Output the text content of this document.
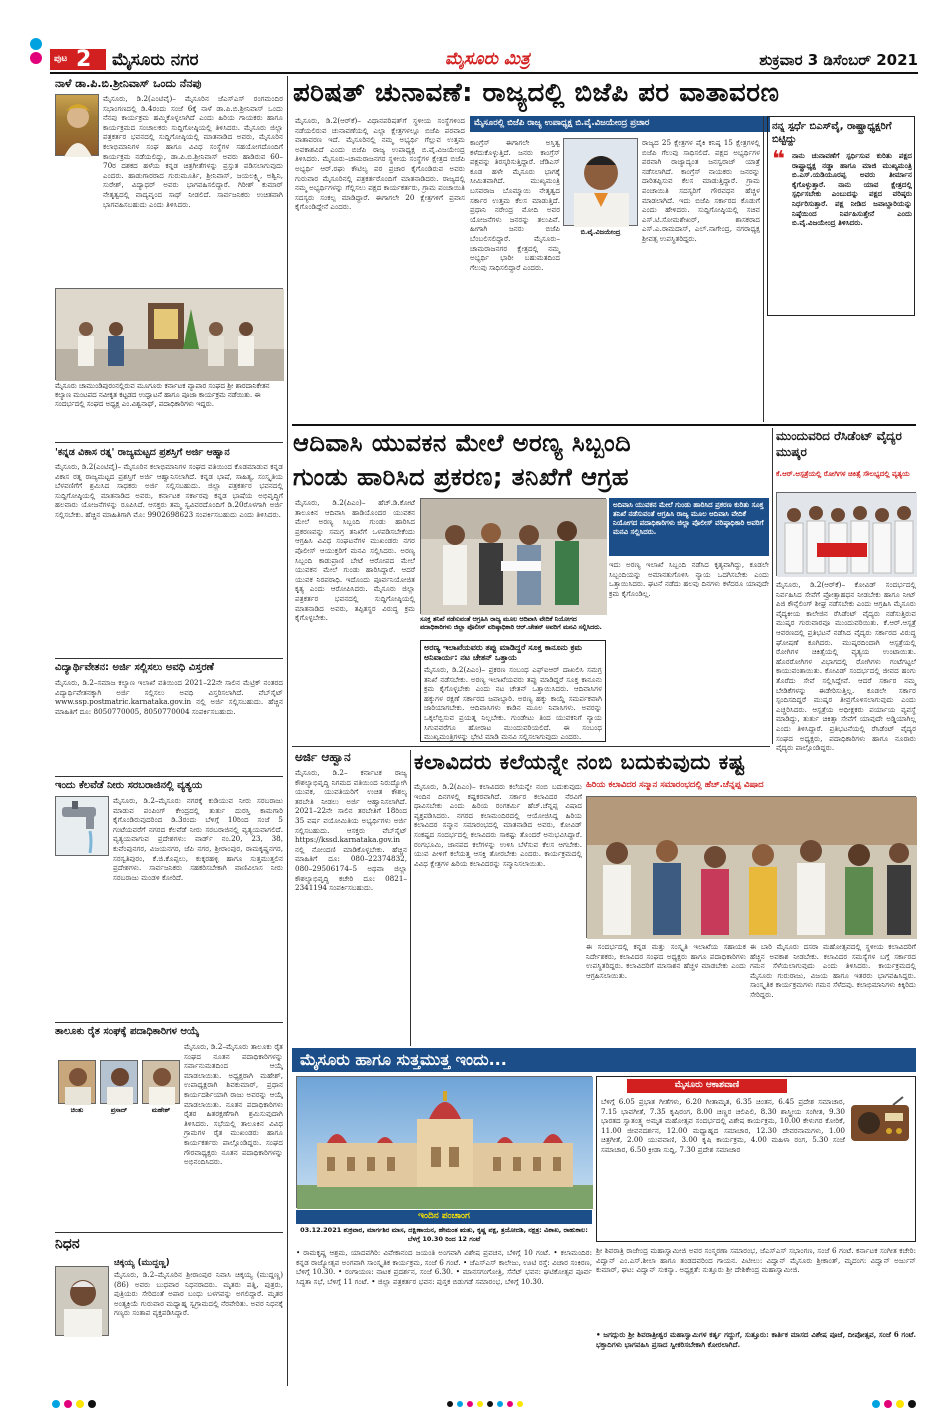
ಪುಟ 2 ಮೈಸೂರು ನಗರ	ಮೈಸೂರು ಮಿತ್ರ	ಶುಕ್ರವಾರ 3 ಡಿಸೆಂಬರ್ 2021
ನಾಳೆ ಡಾ.ಪಿ.ಬಿ.ಶ್ರೀನಿವಾಸ್ ಒಂದು ನೆನಪು
ಮೈಸೂರು, ಡಿ.2(ಎಂಟಿವೈ)– ಮೈಸೂರಿನ ಜೆಎಸ್‌ಎಸ್ ರಂಗಮಂದಿರ ಸಭಾಂಗಣದಲ್ಲಿ ಡಿ.4ರಂದು ಸಂಜೆ 6ಕ್ಕೆ ನಾಳೆ ಡಾ.ಪಿ.ಬಿ.ಶ್ರೀನಿವಾಸ್ ಒಂದು ನೆನಪು ಕಾರ್ಯಕ್ರಮ ಹಮ್ಮಿಕೊಳ್ಳಲಾಗಿದೆ ಎಂದು ಹಿರಿಯ ಗಾಯಕರು ಹಾಗೂ ಕಾರ್ಯಕ್ರಮದ ಸಂಚಾಲಕರು ಸುದ್ದಿಗೋಷ್ಠಿಯಲ್ಲಿ ತಿಳಿಸಿದರು. ಮೈಸೂರು ಜಿಲ್ಲಾ ಪತ್ರಕರ್ತರ ಭವನದಲ್ಲಿ ಸುದ್ದಿಗೋಷ್ಠಿಯಲ್ಲಿ ಮಾತನಾಡಿದ ಅವರು, ಮೈಸೂರಿನ ಕಲಾಭಿಮಾನಿಗಳ ಸಂಘ ಹಾಗೂ ವಿವಿಧ ಸಂಸ್ಥೆಗಳ ಸಹಯೋಗದೊಂದಿಗೆ ಕಾರ್ಯಕ್ರಮ ನಡೆಯಲಿದ್ದು, ಡಾ.ಪಿ.ಬಿ.ಶ್ರೀನಿವಾಸ್ ಅವರು ಹಾಡಿರುವ 60–70ರ ದಶಕದ ಹಳೆಯ ಕನ್ನಡ ಚಿತ್ರಗೀತೆಗಳನ್ನು ಪ್ರಸ್ತುತ ಪಡಿಸಲಾಗುವುದು ಎಂದರು. ಹಾಡುಗಾರರಾದ ಗುರುಮೂರ್ತಿ, ಶ್ರೀನಿವಾಸ್, ಜಯಲಕ್ಷ್ಮಿ, ಅಶ್ವಿನಿ, ಸುರೇಶ್, ವಿದ್ಯಾಧರ್ ಅವರು ಭಾಗವಹಿಸಲಿದ್ದಾರೆ. ಗಿರೀಶ್ ಕುಮಾರ್ ನೇತೃತ್ವದಲ್ಲಿ ವಾದ್ಯವೃಂದ ಸಾಥ್ ನೀಡಲಿದೆ. ಸಾರ್ವಜನಿಕರು ಉಚಿತವಾಗಿ ಭಾಗವಹಿಸಬಹುದು ಎಂದು ತಿಳಿಸಿದರು.
ಮೈಸೂರು ಚಾಮುಂಡಿಪುರಂನಲ್ಲಿರುವ ಮೂಗೂರು ಕರ್ನಾಟಕ ವ್ಯಾಪಾರ ಸಂಘದ ಶ್ರೀ ಶಾರದಾನಿಕೇತನ ಕಲ್ಯಾಣ ಮಂಟಪದ ನವೀಕೃತ ಕಟ್ಟಡದ ಉದ್ಘಾಟನೆ ಹಾಗೂ ಪೂಜಾ ಕಾರ್ಯಕ್ರಮ ನಡೆಯಿತು. ಈ ಸಂದರ್ಭದಲ್ಲಿ ಸಂಘದ ಅಧ್ಯಕ್ಷ ಎಂ.ವಿಶ್ವನಾಥ್, ಪದಾಧಿಕಾರಿಗಳು ಇದ್ದರು.
'ಕನ್ನಡ ವಿಕಾಸ ರತ್ನ' ರಾಜ್ಯಮಟ್ಟದ ಪ್ರಶಸ್ತಿಗೆ ಅರ್ಜಿ ಆಹ್ವಾನ
ಮೈಸೂರು, ಡಿ.2(ಎಂಟಿವೈ)– ಮೈಸೂರಿನ ಕಲಾಭಿಮಾನಿಗಳ ಸಂಘದ ವತಿಯಿಂದ ಕೊಡಮಾಡುವ ಕನ್ನಡ ವಿಕಾಸ ರತ್ನ ರಾಜ್ಯಮಟ್ಟದ ಪ್ರಶಸ್ತಿಗೆ ಅರ್ಜಿ ಆಹ್ವಾನಿಸಲಾಗಿದೆ. ಕನ್ನಡ ಭಾಷೆ, ಸಾಹಿತ್ಯ, ಸಂಸ್ಕೃತಿಯ ಬೆಳವಣಿಗೆಗೆ ಶ್ರಮಿಸಿದ ಸಾಧಕರು ಅರ್ಜಿ ಸಲ್ಲಿಸಬಹುದು. ಜಿಲ್ಲಾ ಪತ್ರಕರ್ತರ ಭವನದಲ್ಲಿ ಸುದ್ದಿಗೋಷ್ಠಿಯಲ್ಲಿ ಮಾತನಾಡಿದ ಅವರು, ಕರ್ನಾಟಕ ಸರ್ಕಾರವು ಕನ್ನಡ ಭಾಷೆಯ ಅಭಿವೃದ್ಧಿಗೆ ಹಲವಾರು ಯೋಜನೆಗಳನ್ನು ರೂಪಿಸಿದೆ. ಆಸಕ್ತರು ತಮ್ಮ ಸ್ವವಿವರದೊಂದಿಗೆ ಡಿ.20ರೊಳಗಾಗಿ ಅರ್ಜಿ ಸಲ್ಲಿಸಬೇಕು. ಹೆಚ್ಚಿನ ಮಾಹಿತಿಗಾಗಿ ಮೊ: 9902698623 ಸಂಪರ್ಕಿಸಬಹುದು ಎಂದು ತಿಳಿಸಿದರು.
ವಿದ್ಯಾರ್ಥಿವೇತನ: ಅರ್ಜಿ ಸಲ್ಲಿಸಲು ಅವಧಿ ವಿಸ್ತರಣೆ
ಮೈಸೂರು, ಡಿ.2–ಸಮಾಜ ಕಲ್ಯಾಣ ಇಲಾಖೆ ವತಿಯಿಂದ 2021–22ನೇ ಸಾಲಿನ ಮೆಟ್ರಿಕ್ ನಂತರದ ವಿದ್ಯಾರ್ಥಿವೇತನಕ್ಕಾಗಿ ಅರ್ಜಿ ಸಲ್ಲಿಸಲು ಅವಧಿ ವಿಸ್ತರಿಸಲಾಗಿದೆ. ವೆಬ್‌ಸೈಟ್ www.ssp.postmatric.karnataka.gov.in ನಲ್ಲಿ ಅರ್ಜಿ ಸಲ್ಲಿಸಬಹುದು. ಹೆಚ್ಚಿನ ಮಾಹಿತಿಗೆ ದೂ: 8050770005, 8050770004 ಸಂಪರ್ಕಿಸಬಹುದು.
ಇಂದು ಕೆಲವೆಡೆ ನೀರು ಸರಬರಾಜಿನಲ್ಲಿ ವ್ಯತ್ಯಯ
ಮೈಸೂರು, ಡಿ.2–ಮೈಸೂರು ನಗರಕ್ಕೆ ಕುಡಿಯುವ ನೀರು ಸರಬರಾಜು ಮಾಡುವ ಪಂಪಿಂಗ್ ಕೇಂದ್ರದಲ್ಲಿ ತುರ್ತು ದುರಸ್ತಿ ಕಾಮಗಾರಿ ಕೈಗೊಂಡಿರುವುದರಿಂದ ಡಿ.3ರಂದು ಬೆಳಿಗ್ಗೆ 10ರಿಂದ ಸಂಜೆ 5 ಗಂಟೆಯವರೆಗೆ ನಗರದ ಕೆಲವೆಡೆ ನೀರು ಸರಬರಾಜಿನಲ್ಲಿ ವ್ಯತ್ಯಯವಾಗಲಿದೆ. ವ್ಯತ್ಯಯವಾಗುವ ಪ್ರದೇಶಗಳು: ವಾರ್ಡ್ ನಂ.20, 23, 38, ಕುವೆಂಪುನಗರ, ವಿಜಯನಗರ, ಜೆಪಿ ನಗರ, ಶ್ರೀರಾಂಪುರ, ರಾಮಕೃಷ್ಣನಗರ, ಸರಸ್ವತಿಪುರಂ, ಕೆ.ಜಿ.ಕೊಪ್ಪಲು, ಕುಕ್ಕರಹಳ್ಳಿ ಹಾಗೂ ಸುತ್ತಮುತ್ತಲಿನ ಪ್ರದೇಶಗಳು. ಸಾರ್ವಜನಿಕರು ಸಹಕರಿಸಬೇಕಾಗಿ ವಾಣಿವಿಲಾಸ ನೀರು ಸರಬರಾಜು ಮಂಡಳಿ ಕೋರಿದೆ.
ತಾಲೂಕು ರೈತ ಸಂಘಕ್ಕೆ ಪದಾಧಿಕಾರಿಗಳ ಆಯ್ಕೆ
ಚಿಂತು	ಪ್ರಸಾದ್	ಮಹೇಶ್
ಮೈಸೂರು, ಡಿ.2–ಮೈಸೂರು ತಾಲೂಕು ರೈತ ಸಂಘದ ನೂತನ ಪದಾಧಿಕಾರಿಗಳನ್ನು ಸರ್ವಾನುಮತದಿಂದ ಆಯ್ಕೆ ಮಾಡಲಾಯಿತು. ಅಧ್ಯಕ್ಷರಾಗಿ ಮಹೇಶ್, ಉಪಾಧ್ಯಕ್ಷರಾಗಿ ಶಿವಕುಮಾರ್, ಪ್ರಧಾನ ಕಾರ್ಯದರ್ಶಿಯಾಗಿ ರಾಜು ಅವರನ್ನು ಆಯ್ಕೆ ಮಾಡಲಾಯಿತು. ನೂತನ ಪದಾಧಿಕಾರಿಗಳು ರೈತರ ಹಿತರಕ್ಷಣೆಗಾಗಿ ಶ್ರಮಿಸುವುದಾಗಿ ತಿಳಿಸಿದರು. ಸಭೆಯಲ್ಲಿ ತಾಲೂಕಿನ ವಿವಿಧ ಗ್ರಾಮಗಳ ರೈತ ಮುಖಂಡರು ಹಾಗೂ ಕಾರ್ಯಕರ್ತರು ಪಾಲ್ಗೊಂಡಿದ್ದರು. ಸಂಘದ ಗೌರವಾಧ್ಯಕ್ಷರು ನೂತನ ಪದಾಧಿಕಾರಿಗಳನ್ನು ಅಭಿನಂದಿಸಿದರು.
ನಿಧನ
ಚಿಕ್ಕಯ್ಯ (ಮುದ್ದಣ್ಣ)
ಮೈಸೂರು, ಡಿ.2–ಮೈಸೂರಿನ ಶ್ರೀರಾಂಪುರ ನಿವಾಸಿ ಚಿಕ್ಕಯ್ಯ (ಮುದ್ದಣ್ಣ) (86) ಅವರು ಬುಧವಾರ ನಿಧನರಾದರು. ಮೃತರು ಪತ್ನಿ, ಪುತ್ರರು, ಪುತ್ರಿಯರು ಸೇರಿದಂತೆ ಅಪಾರ ಬಂಧು ಬಳಗವನ್ನು ಅಗಲಿದ್ದಾರೆ. ಮೃತರ ಅಂತ್ಯಕ್ರಿಯೆ ಗುರುವಾರ ಮಧ್ಯಾಹ್ನ ಸ್ವಗ್ರಾಮದಲ್ಲಿ ನೆರವೇರಿತು. ಅವರ ನಿಧನಕ್ಕೆ ಗಣ್ಯರು ಸಂತಾಪ ವ್ಯಕ್ತಪಡಿಸಿದ್ದಾರೆ.
ಪರಿಷತ್ ಚುನಾವಣೆ: ರಾಜ್ಯದಲ್ಲಿ ಬಿಜೆಪಿ ಪರ ವಾತಾವರಣ
ಮೈಸೂರಲ್ಲಿ ಬಿಜೆಪಿ ರಾಜ್ಯ ಉಪಾಧ್ಯಕ್ಷ ಬಿ.ವೈ.ವಿಜಯೇಂದ್ರ ಪ್ರಚಾರ
ಮೈಸೂರು, ಡಿ.2(ಆರ್‌ಕೆ)– ವಿಧಾನಪರಿಷತ್‌ಗೆ ಸ್ಥಳೀಯ ಸಂಸ್ಥೆಗಳಿಂದ ನಡೆಯಲಿರುವ ಚುನಾವಣೆಯಲ್ಲಿ ಎಲ್ಲಾ ಕ್ಷೇತ್ರಗಳಲ್ಲೂ ಬಿಜೆಪಿ ಪರವಾದ ವಾತಾವರಣ ಇದೆ. ಮೈಸೂರಿನಲ್ಲಿ ನಮ್ಮ ಅಭ್ಯರ್ಥಿ ಗೆಲ್ಲುವ ಉತ್ತಮ ಅವಕಾಶವಿದೆ ಎಂದು ಬಿಜೆಪಿ ರಾಜ್ಯ ಉಪಾಧ್ಯಕ್ಷ ಬಿ.ವೈ.ವಿಜಯೇಂದ್ರ ತಿಳಿಸಿದರು. ಮೈಸೂರು–ಚಾಮರಾಜನಗರ ಸ್ಥಳೀಯ ಸಂಸ್ಥೆಗಳ ಕ್ಷೇತ್ರದ ಬಿಜೆಪಿ ಅಭ್ಯರ್ಥಿ ಆರ್.ರಘು ಕೌಟಿಲ್ಯ ಪರ ಪ್ರಚಾರ ಕೈಗೊಂಡಿರುವ ಅವರು ಗುರುವಾರ ಮೈಸೂರಿನಲ್ಲಿ ಪತ್ರಕರ್ತರೊಂದಿಗೆ ಮಾತನಾಡಿದರು. ರಾಜ್ಯದಲ್ಲಿ ನಮ್ಮ ಅಭ್ಯರ್ಥಿಗಳನ್ನು ಗೆಲ್ಲಿಸಲು ಪಕ್ಷದ ಕಾರ್ಯಕರ್ತರು, ಗ್ರಾಮ ಪಂಚಾಯಿತಿ ಸದಸ್ಯರು ಸಂಕಲ್ಪ ಮಾಡಿದ್ದಾರೆ. ಈಗಾಗಲೇ 20 ಕ್ಷೇತ್ರಗಳಿಗೆ ಪ್ರವಾಸ ಕೈಗೊಂಡಿದ್ದೇನೆ ಎಂದರು.
ಕಾಂಗ್ರೆಸ್ ಈಗಾಗಲೇ ಅಸ್ತಿತ್ವ ಕಳೆದುಕೊಳ್ಳುತ್ತಿದೆ. ಜನರು ಕಾಂಗ್ರೆಸ್ ಪಕ್ಷವನ್ನು ತಿರಸ್ಕರಿಸುತ್ತಿದ್ದಾರೆ. ಜೆಡಿಎಸ್ ಕೂಡ ಹಳೇ ಮೈಸೂರು ಭಾಗಕ್ಕೆ ಸೀಮಿತವಾಗಿದೆ. ಮುಖ್ಯಮಂತ್ರಿ ಬಸವರಾಜ ಬೊಮ್ಮಾಯಿ ನೇತೃತ್ವದ ಸರ್ಕಾರ ಉತ್ತಮ ಕೆಲಸ ಮಾಡುತ್ತಿದೆ. ಪ್ರಧಾನಿ ನರೇಂದ್ರ ಮೋದಿ ಅವರ ಯೋಜನೆಗಳು ಜನರನ್ನು ತಲುಪಿವೆ. ಹೀಗಾಗಿ ಜನರು ಬಿಜೆಪಿ ಬೆಂಬಲಿಸಲಿದ್ದಾರೆ. ಮೈಸೂರು–ಚಾಮರಾಜನಗರ ಕ್ಷೇತ್ರದಲ್ಲಿ ನಮ್ಮ ಅಭ್ಯರ್ಥಿ ಭಾರೀ ಬಹುಮತದಿಂದ ಗೆಲುವು ಸಾಧಿಸಲಿದ್ದಾರೆ ಎಂದರು.
ಬಿ.ವೈ.ವಿಜಯೇಂದ್ರ
ರಾಜ್ಯದ 25 ಕ್ಷೇತ್ರಗಳ ಪೈಕಿ ಕನಿಷ್ಠ 15 ಕ್ಷೇತ್ರಗಳಲ್ಲಿ ಬಿಜೆಪಿ ಗೆಲುವು ಸಾಧಿಸಲಿದೆ. ಪಕ್ಷದ ಅಭ್ಯರ್ಥಿಗಳ ಪರವಾಗಿ ರಾಜ್ಯಾದ್ಯಂತ ಜನಸ್ವರಾಜ್ ಯಾತ್ರೆ ನಡೆಸಲಾಗಿದೆ. ಕಾಂಗ್ರೆಸ್ ನಾಯಕರು ಜನರನ್ನು ದಾರಿತಪ್ಪಿಸುವ ಕೆಲಸ ಮಾಡುತ್ತಿದ್ದಾರೆ. ಗ್ರಾಮ ಪಂಚಾಯಿತಿ ಸದಸ್ಯರಿಗೆ ಗೌರವಧನ ಹೆಚ್ಚಳ ಮಾಡಲಾಗಿದೆ. ಇದು ಬಿಜೆಪಿ ಸರ್ಕಾರದ ಕೊಡುಗೆ ಎಂದು ಹೇಳಿದರು. ಸುದ್ದಿಗೋಷ್ಠಿಯಲ್ಲಿ ಸಚಿವ ಎಸ್.ಟಿ.ಸೋಮಶೇಖರ್, ಶಾಸಕರಾದ ಎಸ್.ಎ.ರಾಮದಾಸ್, ಎಲ್.ನಾಗೇಂದ್ರ, ನಗರಾಧ್ಯಕ್ಷ ಶ್ರೀವತ್ಸ ಉಪಸ್ಥಿತರಿದ್ದರು.
ನನ್ನ ಸ್ಪರ್ಧೆ ಬಿಎಸ್‌ವೈ, ರಾಷ್ಟ್ರಾಧ್ಯಕ್ಷರಿಗೆ ಬಿಟ್ಟಿದ್ದು
❝ ನಾನು ಚುನಾವಣೆಗೆ ಸ್ಪರ್ಧಿಸುವ ಕುರಿತು ಪಕ್ಷದ ರಾಷ್ಟ್ರಾಧ್ಯಕ್ಷ ನಡ್ಡಾ ಹಾಗೂ ಮಾಜಿ ಮುಖ್ಯಮಂತ್ರಿ ಬಿ.ಎಸ್.ಯಡಿಯೂರಪ್ಪ ಅವರು ತೀರ್ಮಾನ ಕೈಗೊಳ್ಳುತ್ತಾರೆ. ನಾನು ಯಾವ ಕ್ಷೇತ್ರದಲ್ಲಿ ಸ್ಪರ್ಧಿಸಬೇಕು ಎಂಬುದನ್ನು ಪಕ್ಷದ ವರಿಷ್ಠರು ನಿರ್ಧರಿಸುತ್ತಾರೆ. ಪಕ್ಷ ನೀಡಿದ ಜವಾಬ್ದಾರಿಯನ್ನು ನಿಷ್ಠೆಯಿಂದ ನಿರ್ವಹಿಸುತ್ತೇನೆ ಎಂದು ಬಿ.ವೈ.ವಿಜಯೇಂದ್ರ ತಿಳಿಸಿದರು.
ಆದಿವಾಸಿ ಯುವಕನ ಮೇಲೆ ಅರಣ್ಯ ಸಿಬ್ಬಂದಿ
ಗುಂಡು ಹಾರಿಸಿದ ಪ್ರಕರಣ; ತನಿಖೆಗೆ ಆಗ್ರಹ
ಮೈಸೂರು, ಡಿ.2(ಪಿಎಂ)– ಹೆಚ್.ಡಿ.ಕೋಟೆ ತಾಲೂಕಿನ ಆದಿವಾಸಿ ಹಾಡಿಯೊಂದರ ಯುವಕನ ಮೇಲೆ ಅರಣ್ಯ ಸಿಬ್ಬಂದಿ ಗುಂಡು ಹಾರಿಸಿದ ಪ್ರಕರಣವನ್ನು ಸಮಗ್ರ ತನಿಖೆಗೆ ಒಳಪಡಿಸಬೇಕೆಂದು ಆಗ್ರಹಿಸಿ ವಿವಿಧ ಸಂಘಟನೆಗಳ ಮುಖಂಡರು ನಗರ ಪೊಲೀಸ್ ಆಯುಕ್ತರಿಗೆ ಮನವಿ ಸಲ್ಲಿಸಿದರು. ಅರಣ್ಯ ಸಿಬ್ಬಂದಿ ಕಾಡುಪ್ರಾಣಿ ಬೇಟೆ ಆರೋಪದ ಮೇಲೆ ಯುವಕನ ಮೇಲೆ ಗುಂಡು ಹಾರಿಸಿದ್ದಾರೆ. ಆದರೆ ಯುವಕ ನಿರಪರಾಧಿ. ಇದೊಂದು ಪೂರ್ವನಿಯೋಜಿತ ಕೃತ್ಯ ಎಂದು ಆರೋಪಿಸಿದರು. ಮೈಸೂರು ಜಿಲ್ಲಾ ಪತ್ರಕರ್ತರ ಭವನದಲ್ಲಿ ಸುದ್ದಿಗೋಷ್ಠಿಯಲ್ಲಿ ಮಾತನಾಡಿದ ಅವರು, ತಪ್ಪಿತಸ್ಥರ ವಿರುದ್ಧ ಕ್ರಮ ಕೈಗೊಳ್ಳಬೇಕು.	ಸೂಕ್ತ ತನಿಖೆ ನಡೆಸುವಂತೆ ಆಗ್ರಹಿಸಿ ರಾಜ್ಯ ಮೂಲ ಆದಿವಾಸಿ ವೇದಿಕೆ ನಿಯೋಗದ ಪದಾಧಿಕಾರಿಗಳು ಜಿಲ್ಲಾ ಪೊಲೀಸ್ ವರಿಷ್ಠಾಧಿಕಾರಿ ಆರ್.ಚೇತನ್ ಅವರಿಗೆ ಮನವಿ ಸಲ್ಲಿಸಿದರು.
ಅದಿವಾಸಿ ಯುವಕನ ಮೇಲೆ ಗುಂಡು ಹಾರಿಸಿದ ಪ್ರಕರಣ ಕುರಿತು ಸೂಕ್ತ ತನಿಖೆ ನಡೆಸುವಂತೆ ಆಗ್ರಹಿಸಿ ರಾಜ್ಯ ಮೂಲ ಆದಿವಾಸಿ ವೇದಿಕೆ ನಿಯೋಗದ ಪದಾಧಿಕಾರಿಗಳು ಜಿಲ್ಲಾ ಪೊಲೀಸ್ ವರಿಷ್ಠಾಧಿಕಾರಿ ಅವರಿಗೆ ಮನವಿ ಸಲ್ಲಿಸಿದರು.
ಇದು ಅರಣ್ಯ ಇಲಾಖೆ ಸಿಬ್ಬಂದಿ ನಡೆಸಿದ ಕೃತ್ಯವಾಗಿದ್ದು, ಕೂಡಲೇ ಸಿಬ್ಬಂದಿಯನ್ನು ಅಮಾನತುಗೊಳಿಸಿ ನ್ಯಾಯ ಒದಗಿಸಬೇಕು ಎಂದು ಒತ್ತಾಯಿಸಿದರು. ಘಟನೆ ನಡೆದು ಹಲವು ದಿನಗಳು ಕಳೆದರೂ ಯಾವುದೇ ಕ್ರಮ ಕೈಗೊಂಡಿಲ್ಲ.
ಅರಣ್ಯ ಇಲಾಖೆಯವರು ತಪ್ಪು ಮಾಡಿದ್ದರೆ ಸೂಕ್ತ ಕಾನೂನು ಕ್ರಮ ಅನಿವಾರ್ಯ: ನಟ ಚೇತನ್ ಒತ್ತಾಯ
ಮೈಸೂರು, ಡಿ.2(ಪಿಎಂ)– ಪ್ರಕರಣ ಸಂಬಂಧ ಎಫ್‌ಐಆರ್ ದಾಖಲಿಸಿ ಸಮಗ್ರ ತನಿಖೆ ನಡೆಸಬೇಕು. ಅರಣ್ಯ ಇಲಾಖೆಯವರು ತಪ್ಪು ಮಾಡಿದ್ದರೆ ಸೂಕ್ತ ಕಾನೂನು ಕ್ರಮ ಕೈಗೊಳ್ಳಬೇಕು ಎಂದು ನಟ ಚೇತನ್ ಒತ್ತಾಯಿಸಿದರು. ಆದಿವಾಸಿಗಳ ಹಕ್ಕುಗಳ ರಕ್ಷಣೆ ಸರ್ಕಾರದ ಜವಾಬ್ದಾರಿ. ಅರಣ್ಯ ಹಕ್ಕು ಕಾಯ್ದೆ ಸಮರ್ಪಕವಾಗಿ ಜಾರಿಯಾಗಬೇಕು. ಆದಿವಾಸಿಗಳು ಕಾಡಿನ ಮೂಲ ನಿವಾಸಿಗಳು. ಅವರನ್ನು ಒಕ್ಕಲೆಬ್ಬಿಸುವ ಪ್ರಯತ್ನ ನಿಲ್ಲಬೇಕು. ಗುಂಡೇಟು ತಿಂದ ಯುವಕನಿಗೆ ನ್ಯಾಯ ಸಿಗುವವರೆಗೂ ಹೋರಾಟ ಮುಂದುವರಿಯಲಿದೆ. ಈ ಸಂಬಂಧ ಮುಖ್ಯಮಂತ್ರಿಗಳನ್ನು ಭೇಟಿ ಮಾಡಿ ಮನವಿ ಸಲ್ಲಿಸಲಾಗುವುದು ಎಂದರು.
ಮುಂದುವರಿದ ರೆಸಿಡೆಂಟ್ ವೈದ್ಯರ ಮುಷ್ಕರ
ಕೆ.ಆರ್.ಆಸ್ಪತ್ರೆಯಲ್ಲಿ ರೋಗಿಗಳ ಚಿಕಿತ್ಸೆ ಸೌಲಭ್ಯದಲ್ಲಿ ವ್ಯತ್ಯಯ
ಮೈಸೂರು, ಡಿ.2(ಆರ್‌ಕೆ)– ಕೋವಿಡ್ ಸಂದರ್ಭದಲ್ಲಿ ನಿರ್ವಹಿಸಿದ ಸೇವೆಗೆ ಪ್ರೋತ್ಸಾಹಧನ ನೀಡಬೇಕು ಹಾಗೂ ನೀಟ್ ಪಿಜಿ ಕೌನ್ಸೆಲಿಂಗ್ ಶೀಘ್ರ ನಡೆಸಬೇಕು ಎಂದು ಆಗ್ರಹಿಸಿ ಮೈಸೂರು ವೈದ್ಯಕೀಯ ಕಾಲೇಜಿನ ರೆಸಿಡೆಂಟ್ ವೈದ್ಯರು ನಡೆಸುತ್ತಿರುವ ಮುಷ್ಕರ ಗುರುವಾರವೂ ಮುಂದುವರಿಯಿತು. ಕೆ.ಆರ್.ಆಸ್ಪತ್ರೆ ಆವರಣದಲ್ಲಿ ಪ್ರತಿಭಟನೆ ನಡೆಸಿದ ವೈದ್ಯರು ಸರ್ಕಾರದ ವಿರುದ್ಧ ಘೋಷಣೆ ಕೂಗಿದರು. ಮುಷ್ಕರದಿಂದಾಗಿ ಆಸ್ಪತ್ರೆಯಲ್ಲಿ ರೋಗಿಗಳ ಚಿಕಿತ್ಸೆಯಲ್ಲಿ ವ್ಯತ್ಯಯ ಉಂಟಾಯಿತು. ಹೊರರೋಗಿಗಳ ವಿಭಾಗದಲ್ಲಿ ರೋಗಿಗಳು ಗಂಟೆಗಟ್ಟಲೆ ಕಾಯುವಂತಾಯಿತು. ಕೋವಿಡ್ ಸಂದರ್ಭದಲ್ಲಿ ಜೀವದ ಹಂಗು ತೊರೆದು ಸೇವೆ ಸಲ್ಲಿಸಿದ್ದೇವೆ. ಆದರೆ ಸರ್ಕಾರ ನಮ್ಮ ಬೇಡಿಕೆಗಳನ್ನು ಈಡೇರಿಸುತ್ತಿಲ್ಲ. ಕೂಡಲೇ ಸರ್ಕಾರ ಸ್ಪಂದಿಸದಿದ್ದರೆ ಮುಷ್ಕರ ತೀವ್ರಗೊಳಿಸಲಾಗುವುದು ಎಂದು ಎಚ್ಚರಿಸಿದರು. ಆಸ್ಪತ್ರೆಯ ಅಧೀಕ್ಷಕರು ಪರ್ಯಾಯ ವ್ಯವಸ್ಥೆ ಮಾಡಿದ್ದು, ತುರ್ತು ಚಿಕಿತ್ಸಾ ಸೇವೆಗೆ ಯಾವುದೇ ಅಡ್ಡಿಯಾಗಿಲ್ಲ ಎಂದು ತಿಳಿಸಿದ್ದಾರೆ. ಪ್ರತಿಭಟನೆಯಲ್ಲಿ ರೆಸಿಡೆಂಟ್ ವೈದ್ಯರ ಸಂಘದ ಅಧ್ಯಕ್ಷರು, ಪದಾಧಿಕಾರಿಗಳು ಹಾಗೂ ನೂರಾರು ವೈದ್ಯರು ಪಾಲ್ಗೊಂಡಿದ್ದರು.
ಅರ್ಜಿ ಆಹ್ವಾನ
ಮೈಸೂರು, ಡಿ.2– ಕರ್ನಾಟಕ ರಾಜ್ಯ ಕೌಶಲ್ಯಾಭಿವೃದ್ಧಿ ನಿಗಮದ ವತಿಯಿಂದ ನಿರುದ್ಯೋಗಿ ಯುವಕ, ಯುವತಿಯರಿಗೆ ಉಚಿತ ಕೌಶಲ್ಯ ತರಬೇತಿ ನೀಡಲು ಅರ್ಜಿ ಆಹ್ವಾನಿಸಲಾಗಿದೆ. 2021–22ನೇ ಸಾಲಿನ ತರಬೇತಿಗೆ 18ರಿಂದ 35 ವರ್ಷ ವಯೋಮಿತಿಯ ಅಭ್ಯರ್ಥಿಗಳು ಅರ್ಜಿ ಸಲ್ಲಿಸಬಹುದು. ಆಸಕ್ತರು ವೆಬ್‌ಸೈಟ್ https://kssd.karnataka.gov.in ನಲ್ಲಿ ನೋಂದಣಿ ಮಾಡಿಕೊಳ್ಳಬೇಕು. ಹೆಚ್ಚಿನ ಮಾಹಿತಿಗೆ ದೂ: 080–22374832, 080–29506174–5 ಅಥವಾ ಜಿಲ್ಲಾ ಕೌಶಲ್ಯಾಭಿವೃದ್ಧಿ ಕಚೇರಿ ದೂ: 0821–2341194 ಸಂಪರ್ಕಿಸಬಹುದು.
ಕಲಾವಿದರು ಕಲೆಯನ್ನೇ ನಂಬಿ ಬದುಕುವುದು ಕಷ್ಟ
ಹಿರಿಯ ಕಲಾವಿದರ ಸನ್ಮಾನ ಸಮಾರಂಭದಲ್ಲಿ ಹೆಚ್.ಚೆನ್ನಪ್ಪ ವಿಷಾದ
ಮೈಸೂರು, ಡಿ.2(ಪಿಎಂ)– ಕಲಾವಿದರು ಕಲೆಯನ್ನೇ ನಂಬಿ ಬದುಕುವುದು ಇಂದಿನ ದಿನಗಳಲ್ಲಿ ಕಷ್ಟಕರವಾಗಿದೆ. ಸರ್ಕಾರ ಕಲಾವಿದರ ನೆರವಿಗೆ ಧಾವಿಸಬೇಕು ಎಂದು ಹಿರಿಯ ರಂಗಕರ್ಮಿ ಹೆಚ್.ಚೆನ್ನಪ್ಪ ವಿಷಾದ ವ್ಯಕ್ತಪಡಿಸಿದರು. ನಗರದ ಕಲಾಮಂದಿರದಲ್ಲಿ ಆಯೋಜಿಸಿದ್ದ ಹಿರಿಯ ಕಲಾವಿದರ ಸನ್ಮಾನ ಸಮಾರಂಭದಲ್ಲಿ ಮಾತನಾಡಿದ ಅವರು, ಕೋವಿಡ್ ಸಂಕಷ್ಟದ ಸಂದರ್ಭದಲ್ಲಿ ಕಲಾವಿದರು ಸಾಕಷ್ಟು ತೊಂದರೆ ಅನುಭವಿಸಿದ್ದಾರೆ. ರಂಗಭೂಮಿ, ಜಾನಪದ ಕಲೆಗಳನ್ನು ಉಳಿಸಿ ಬೆಳೆಸುವ ಕೆಲಸ ಆಗಬೇಕು. ಯುವ ಪೀಳಿಗೆ ಕಲೆಯತ್ತ ಆಸಕ್ತಿ ತೋರಬೇಕು ಎಂದರು. ಕಾರ್ಯಕ್ರಮದಲ್ಲಿ ವಿವಿಧ ಕ್ಷೇತ್ರಗಳ ಹಿರಿಯ ಕಲಾವಿದರನ್ನು ಸನ್ಮಾನಿಸಲಾಯಿತು.
ಈ ಸಂದರ್ಭದಲ್ಲಿ ಕನ್ನಡ ಮತ್ತು ಸಂಸ್ಕೃತಿ ಇಲಾಖೆಯ ಸಹಾಯಕ ನಿರ್ದೇಶಕರು, ಕಲಾವಿದರ ಸಂಘದ ಅಧ್ಯಕ್ಷರು ಹಾಗೂ ಪದಾಧಿಕಾರಿಗಳು ಉಪಸ್ಥಿತರಿದ್ದರು. ಕಲಾವಿದರಿಗೆ ಮಾಸಾಶನ ಹೆಚ್ಚಳ ಮಾಡಬೇಕು ಎಂದು ಆಗ್ರಹಿಸಲಾಯಿತು.
ಈ ಬಾರಿ ಮೈಸೂರು ದಸರಾ ಮಹೋತ್ಸವದಲ್ಲಿ ಸ್ಥಳೀಯ ಕಲಾವಿದರಿಗೆ ಹೆಚ್ಚಿನ ಅವಕಾಶ ನೀಡಬೇಕು. ಕಲಾವಿದರ ಸಮಸ್ಯೆಗಳ ಬಗ್ಗೆ ಸರ್ಕಾರದ ಗಮನ ಸೆಳೆಯಲಾಗುವುದು ಎಂದು ತಿಳಿಸಿದರು. ಕಾರ್ಯಕ್ರಮದಲ್ಲಿ ಮೈಸೂರು ಗುರುರಾಜು, ವಿಜಯ ಹಾಗೂ ಇತರರು ಭಾಗವಹಿಸಿದ್ದರು. ಸಾಂಸ್ಕೃತಿಕ ಕಾರ್ಯಕ್ರಮಗಳು ಗಮನ ಸೆಳೆದವು. ಕಲಾಭಿಮಾನಿಗಳು ಕಿಕ್ಕಿರಿದು ಸೇರಿದ್ದರು.
ಮೈಸೂರು ಹಾಗೂ ಸುತ್ತಮುತ್ತ ಇಂದು...
ಇಂದಿನ ಪಂಚಾಂಗ
03.12.2021 ಶುಕ್ರವಾರ, ಮಾರ್ಗಶಿರ ಮಾಸ, ದಕ್ಷಿಣಾಯನ, ಹೇಮಂತ ಋತು, ಕೃಷ್ಣ ಪಕ್ಷ, ತ್ರಯೋದಶಿ, ನಕ್ಷತ್ರ: ವಿಶಾಖ, ರಾಹುಕಾಲ: ಬೆಳಗ್ಗೆ 10.30 ರಿಂದ 12 ಗಂಟೆ
ಮೈಸೂರು ಆಕಾಶವಾಣಿ
ಬೆಳಿಗ್ಗೆ 6.05 ಪ್ರಭಾತ ಗೀತೆಗಳು, 6.20 ಗೀತಾಮೃತ, 6.35 ಚಿಂತನ, 6.45 ಪ್ರದೇಶ ಸಮಾಚಾರ, 7.15 ಭಾವಗೀತೆ, 7.35 ಕೃಷಿರಂಗ, 8.00 ಚಿಣ್ಣರ ಚಿಲಿಪಿಲಿ, 8.30 ಶಾಸ್ತ್ರೀಯ ಸಂಗೀತ, 9.30 ಭಾರತದ ಸ್ವಾತಂತ್ರ್ಯ ಅಮೃತ ಮಹೋತ್ಸವ ಸಂದರ್ಭದಲ್ಲಿ ವಿಶೇಷ ಕಾರ್ಯಕ್ರಮ, 10.00 ಕೇಳುಗರ ಕೋರಿಕೆ, 11.00 ಜೀವನದರ್ಶನ, 12.00 ಮಧ್ಯಾಹ್ನದ ಸಮಾಚಾರ, 12.30 ದೇವರನಾಮಗಳು, 1.00 ಚಿತ್ರಗೀತೆ, 2.00 ಯುವವಾಣಿ, 3.00 ಕೃಷಿ ಕಾರ್ಯಕ್ರಮ, 4.00 ಮಹಿಳಾ ರಂಗ, 5.30 ಸಂಜೆ ಸಮಾಚಾರ, 6.50 ಕ್ರೀಡಾ ಸುದ್ದಿ, 7.30 ಪ್ರದೇಶ ಸಮಾಚಾರ
• ರಾಮಕೃಷ್ಣ ಆಶ್ರಮ, ಯಾದವಗಿರಿ: ವಿವೇಕಾನಂದ ಜಯಂತಿ ಅಂಗವಾಗಿ ವಿಶೇಷ ಪ್ರವಚನ, ಬೆಳಿಗ್ಗೆ 10 ಗಂಟೆ. • ಕಲಾಮಂದಿರ: ಕನ್ನಡ ರಾಜ್ಯೋತ್ಸವ ಅಂಗವಾಗಿ ಸಾಂಸ್ಕೃತಿಕ ಕಾರ್ಯಕ್ರಮ, ಸಂಜೆ 6 ಗಂಟೆ. • ಜೆಎಸ್‌ಎಸ್ ಕಾಲೇಜು, ಊಟಿ ರಸ್ತೆ: ವಿಚಾರ ಸಂಕಿರಣ, ಬೆಳಿಗ್ಗೆ 10.30. • ರಂಗಾಯಣ: ನಾಟಕ ಪ್ರದರ್ಶನ, ಸಂಜೆ 6.30. • ಮಾನಸಗಂಗೋತ್ರಿ, ಸೆನೆಟ್ ಭವನ: ಘಟಿಕೋತ್ಸವ ಪೂರ್ವ ಸಿದ್ಧತಾ ಸಭೆ, ಬೆಳಿಗ್ಗೆ 11 ಗಂಟೆ. • ಜಿಲ್ಲಾ ಪತ್ರಕರ್ತರ ಭವನ: ಪುಸ್ತಕ ಬಿಡುಗಡೆ ಸಮಾರಂಭ, ಬೆಳಿಗ್ಗೆ 10.30.
ಶ್ರೀ ಶಿವರಾತ್ರಿ ರಾಜೇಂದ್ರ ಮಹಾಸ್ವಾಮೀಜಿ ಅವರ ಸಂಸ್ಮರಣಾ ಸಮಾರಂಭ, ಜೆಎಸ್‌ಎಸ್ ಸಭಾಂಗಣ, ಸಂಜೆ 6 ಗಂಟೆ. ಕರ್ನಾಟಕ ಸಂಗೀತ ಕಚೇರಿ: ವಿದ್ವಾನ್ ಎಂ.ಎಸ್.ಶೀಲಾ ಹಾಗೂ ತಂಡದವರಿಂದ ಗಾಯನ. ಪಿಟೀಲು: ವಿದ್ವಾನ್ ಮೈಸೂರು ಶ್ರೀಕಾಂತ್, ಮೃದಂಗ: ವಿದ್ವಾನ್ ಅರ್ಜುನ್ ಕುಮಾರ್, ಘಟ: ವಿದ್ವಾನ್ ಸುಕನ್ಯಾ. ಅಧ್ಯಕ್ಷತೆ: ಸುತ್ತೂರು ಶ್ರೀ ದೇಶಿಕೇಂದ್ರ ಮಹಾಸ್ವಾಮೀಜಿ.
• ಜಗದ್ಗುರು ಶ್ರೀ ಶಿವರಾತ್ರೀಶ್ವರ ಮಹಾಸ್ವಾಮಿಗಳ ಕರ್ತೃ ಗದ್ದುಗೆ, ಸುತ್ತೂರು: ಕಾರ್ತಿಕ ಮಾಸದ ವಿಶೇಷ ಪೂಜೆ, ದೀಪೋತ್ಸವ, ಸಂಜೆ 6 ಗಂಟೆ. ಭಕ್ತಾದಿಗಳು ಭಾಗವಹಿಸಿ ಪ್ರಸಾದ ಸ್ವೀಕರಿಸಬೇಕಾಗಿ ಕೋರಲಾಗಿದೆ.
